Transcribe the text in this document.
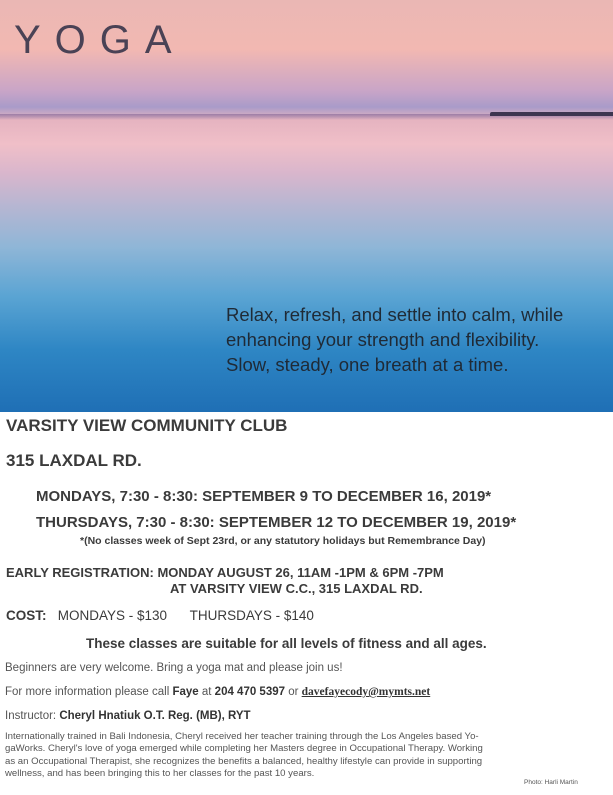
YOGA
Relax, refresh, and settle into calm, while
enhancing your strength and flexibility.
Slow, steady, one breath at a time.
VARSITY VIEW COMMUNITY CLUB
315 LAXDAL RD.
MONDAYS, 7:30 - 8:30: SEPTEMBER 9 TO DECEMBER 16, 2019*
THURSDAYS, 7:30 - 8:30: SEPTEMBER 12 TO DECEMBER 19, 2019*
*(No classes week of Sept 23rd, or any statutory holidays but Remembrance Day)
EARLY REGISTRATION: MONDAY AUGUST 26, 11AM -1PM & 6PM -7PM
AT VARSITY VIEW C.C., 315 LAXDAL RD.
COST: MONDAYS - $130 THURSDAYS - $140
These classes are suitable for all levels of fitness and all ages.
Beginners are very welcome. Bring a yoga mat and please join us!
For more information please call Faye at 204 470 5397 or davefayecody@mymts.net
Instructor: Cheryl Hnatiuk O.T. Reg. (MB), RYT
Internationally trained in Bali Indonesia, Cheryl received her teacher training through the Los Angeles based Yo-
gaWorks. Cheryl's love of yoga emerged while completing her Masters degree in Occupational Therapy. Working
as an Occupational Therapist, she recognizes the benefits a balanced, healthy lifestyle can provide in supporting
wellness, and has been bringing this to her classes for the past 10 years.
Photo: Harli Martin
